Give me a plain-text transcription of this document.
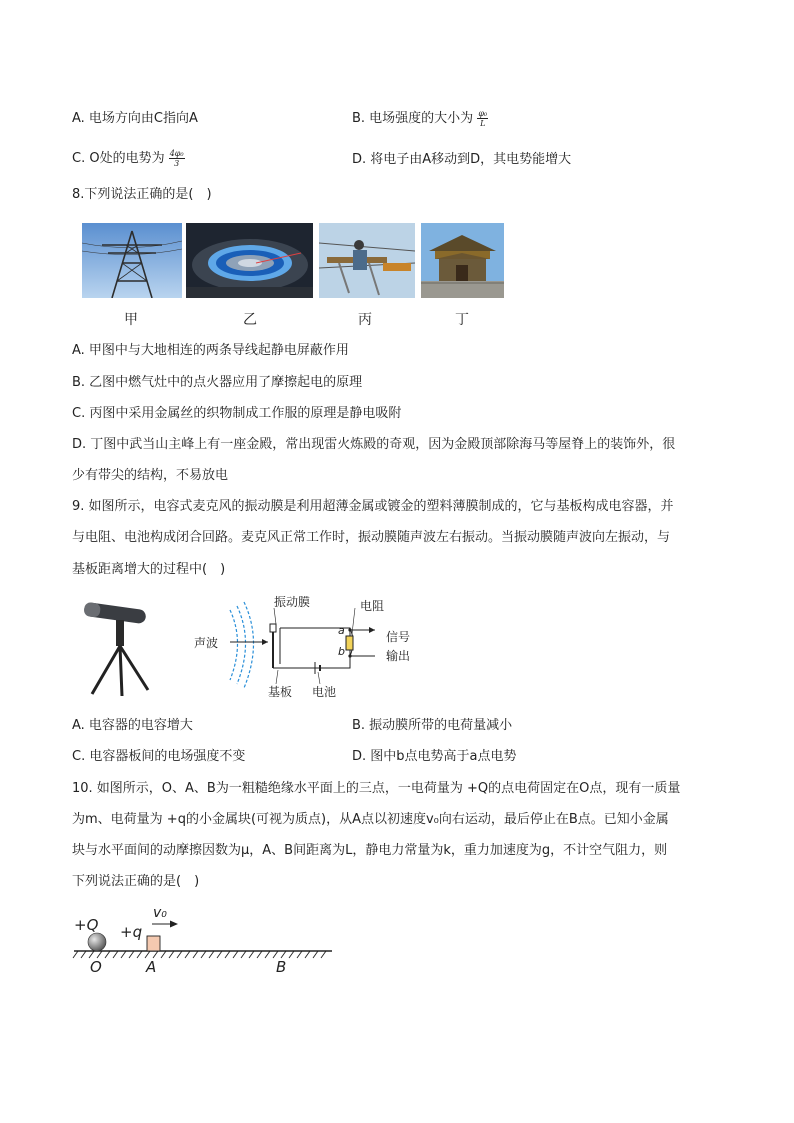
A. 电场方向由C指向A	B. 电场强度的大小为 $\frac{\text{φ₀}}{L}$
C. O处的电势为 $\frac{\text{4φ₀}}{3}$	D. 将电子由A移动到D，其电势能增大
8.下列说法正确的是(　)
甲	乙	丙	丁
A. 甲图中与大地相连的两条导线起静电屏蔽作用
B. 乙图中燃气灶中的点火器应用了摩擦起电的原理
C. 丙图中采用金属丝的织物制成工作服的原理是静电吸附
D. 丁图中武当山主峰上有一座金殿，常出现雷火炼殿的奇观，因为金殿顶部除海马等屋脊上的装饰外，很
少有带尖的结构，不易放电
9. 如图所示，电容式麦克风的振动膜是利用超薄金属或镀金的塑料薄膜制成的，它与基板构成电容器，并
与电阻、电池构成闭合回路。麦克风正常工作时，振动膜随声波左右振动。当振动膜随声波向左振动，与
基板距离增大的过程中(　)
振动膜	电阻
声波
a
b
信号
输出
基板 电池
A. 电容器的电容增大	B. 振动膜所带的电荷量减小
C. 电容器板间的电场强度不变	D. 图中b点电势高于a点电势
10. 如图所示，O、A、B为一粗糙绝缘水平面上的三点，一电荷量为 +Q的点电荷固定在O点，现有一质量
为m、电荷量为 +q的小金属块(可视为质点)，从A点以初速度v₀向右运动，最后停止在B点。已知小金属
块与水平面间的动摩擦因数为μ，A、B间距离为L，静电力常量为k，重力加速度为g，不计空气阻力，则
下列说法正确的是(　)
+Q +q
v₀
O	A	B
